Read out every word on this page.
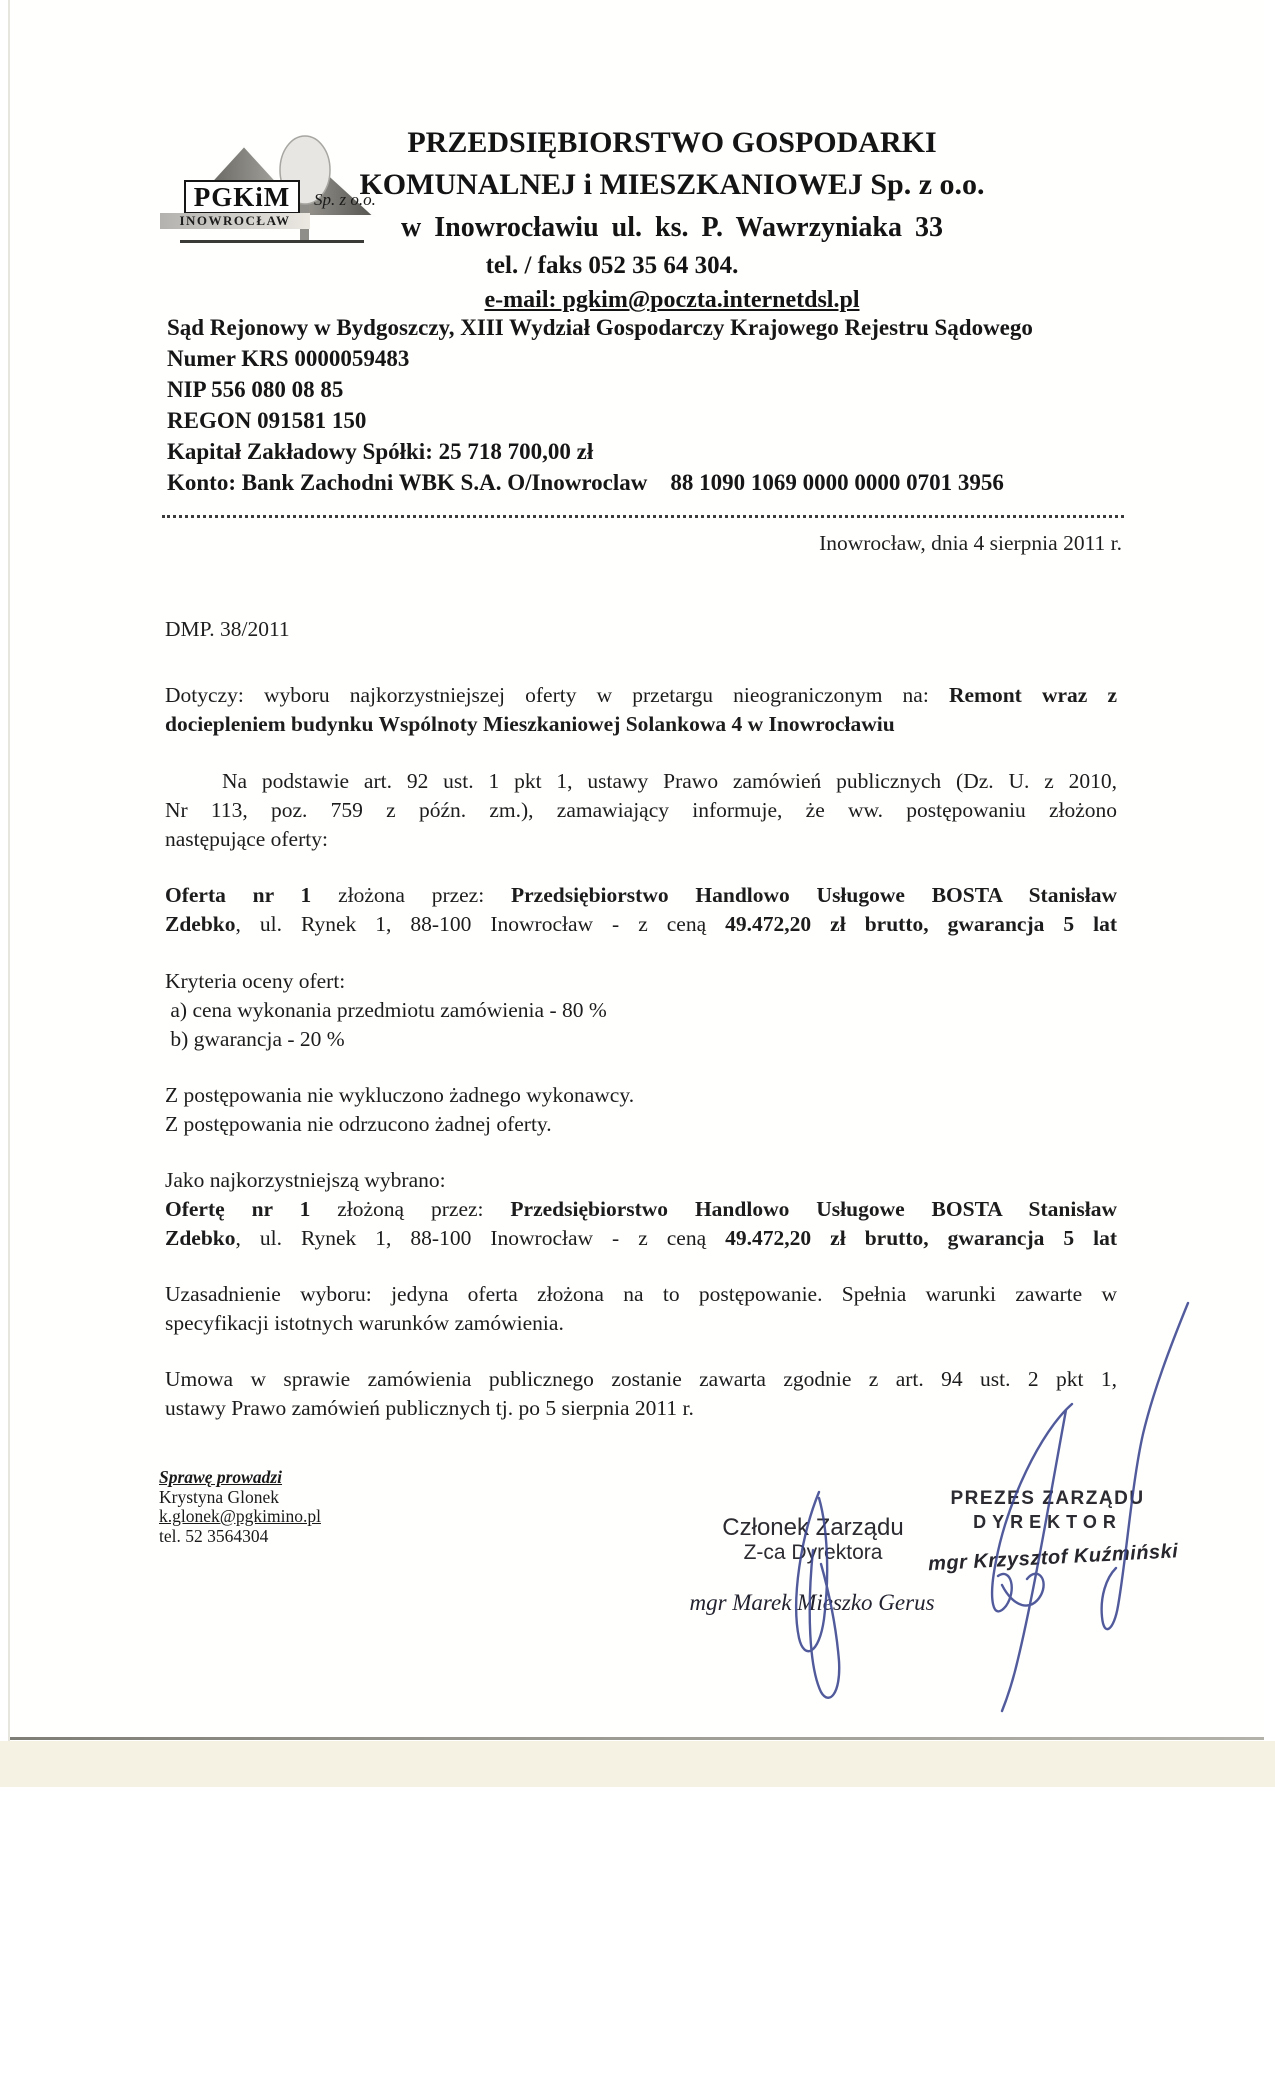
PGKiM	Sp. z o.o.
INOWROCŁAW
PRZEDSIĘBIORSTWO GOSPODARKI
KOMUNALNEJ i MIESZKANIOWEJ Sp. z o.o.
w Inowrocławiu ul. ks. P. Wawrzyniaka 33
tel. / faks 052 35 64 304.
e-mail: pgkim@poczta.internetdsl.pl
Sąd Rejonowy w Bydgoszczy, XIII Wydział Gospodarczy Krajowego Rejestru Sądowego
Numer KRS 0000059483
NIP 556 080 08 85
REGON 091581 150
Kapitał Zakładowy Spółki: 25 718 700,00 zł
Konto: Bank Zachodni WBK S.A. O/Inowroclaw    88 1090 1069 0000 0000 0701 3956
Inowrocław, dnia 4 sierpnia 2011 r.
DMP. 38/2011
Dotyczy: wyboru najkorzystniejszej oferty w przetargu nieograniczonym na: Remont wraz z
dociepleniem budynku Wspólnoty Mieszkaniowej Solankowa 4 w Inowrocławiu
Na podstawie art. 92 ust. 1 pkt 1, ustawy Prawo zamówień publicznych (Dz. U. z 2010,
Nr 113, poz. 759 z późn. zm.), zamawiający informuje, że ww. postępowaniu złożono
następujące oferty:
Oferta nr 1 złożona przez: Przedsiębiorstwo Handlowo Usługowe BOSTA Stanisław
Zdebko, ul. Rynek 1, 88-100 Inowrocław - z ceną 49.472,20 zł brutto, gwarancja 5 lat
Kryteria oceny ofert:
a) cena wykonania przedmiotu zamówienia - 80 %
b) gwarancja - 20 %
Z postępowania nie wykluczono żadnego wykonawcy.
Z postępowania nie odrzucono żadnej oferty.
Jako najkorzystniejszą wybrano:
Ofertę nr 1 złożoną przez: Przedsiębiorstwo Handlowo Usługowe BOSTA Stanisław
Zdebko, ul. Rynek 1, 88-100 Inowrocław - z ceną 49.472,20 zł brutto, gwarancja 5 lat
Uzasadnienie wyboru: jedyna oferta złożona na to postępowanie. Spełnia warunki zawarte w
specyfikacji istotnych warunków zamówienia.
Umowa w sprawie zamówienia publicznego zostanie zawarta zgodnie z art. 94 ust. 2 pkt 1,
ustawy Prawo zamówień publicznych tj. po 5 sierpnia 2011 r.
Sprawę prowadzi
Krystyna Glonek
k.glonek@pgkimino.pl
tel. 52 3564304	Członek Zarządu
Z-ca Dyrektora
mgr Marek Mieszko Gerus
PREZES ZARZĄDU
DYREKTOR
mgr Krzysztof Kuźmiński
